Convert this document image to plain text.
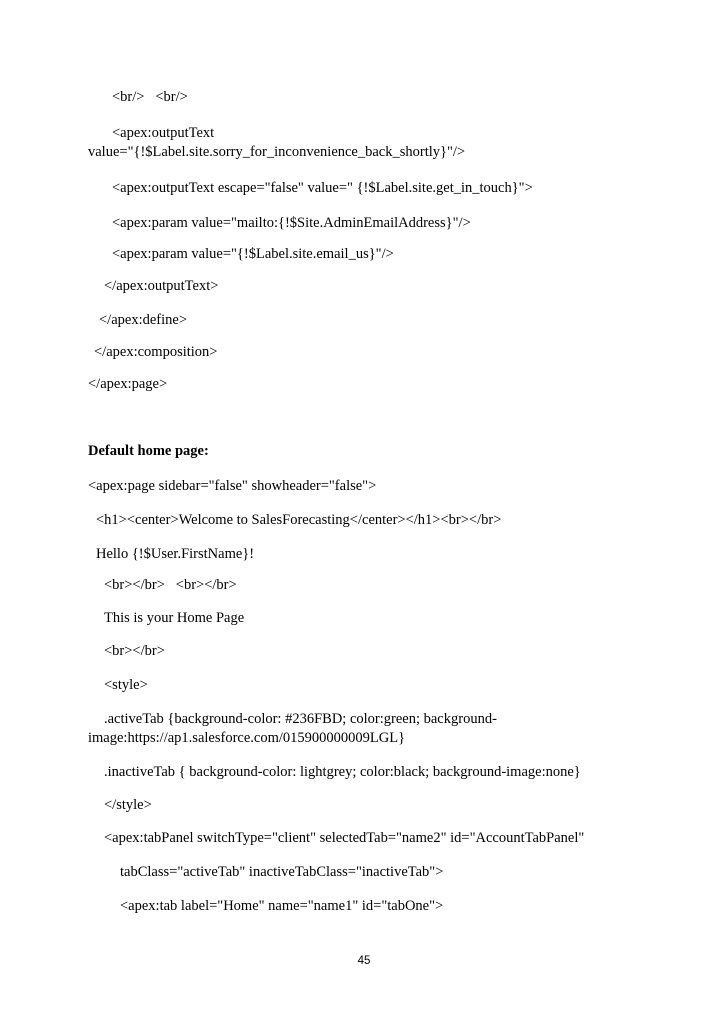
<br/>   <br/>
<apex:outputText
value="{!$Label.site.sorry_for_inconvenience_back_shortly}"/>
<apex:outputText escape="false" value=" {!$Label.site.get_in_touch}">
<apex:param value="mailto:{!$Site.AdminEmailAddress}"/>
<apex:param value="{!$Label.site.email_us}"/>
</apex:outputText>
</apex:define>
</apex:composition>
</apex:page>
Default home page:
<apex:page sidebar="false" showheader="false">
<h1><center>Welcome to SalesForecasting</center></h1><br></br>
Hello {!$User.FirstName}!
<br></br>   <br></br>
This is your Home Page
<br></br>
<style>
.activeTab {background-color: #236FBD; color:green; background-
image:https://ap1.salesforce.com/015900000009LGL}
.inactiveTab { background-color: lightgrey; color:black; background-image:none}
</style>
<apex:tabPanel switchType="client" selectedTab="name2" id="AccountTabPanel"
tabClass="activeTab" inactiveTabClass="inactiveTab">
<apex:tab label="Home" name="name1" id="tabOne">
45
